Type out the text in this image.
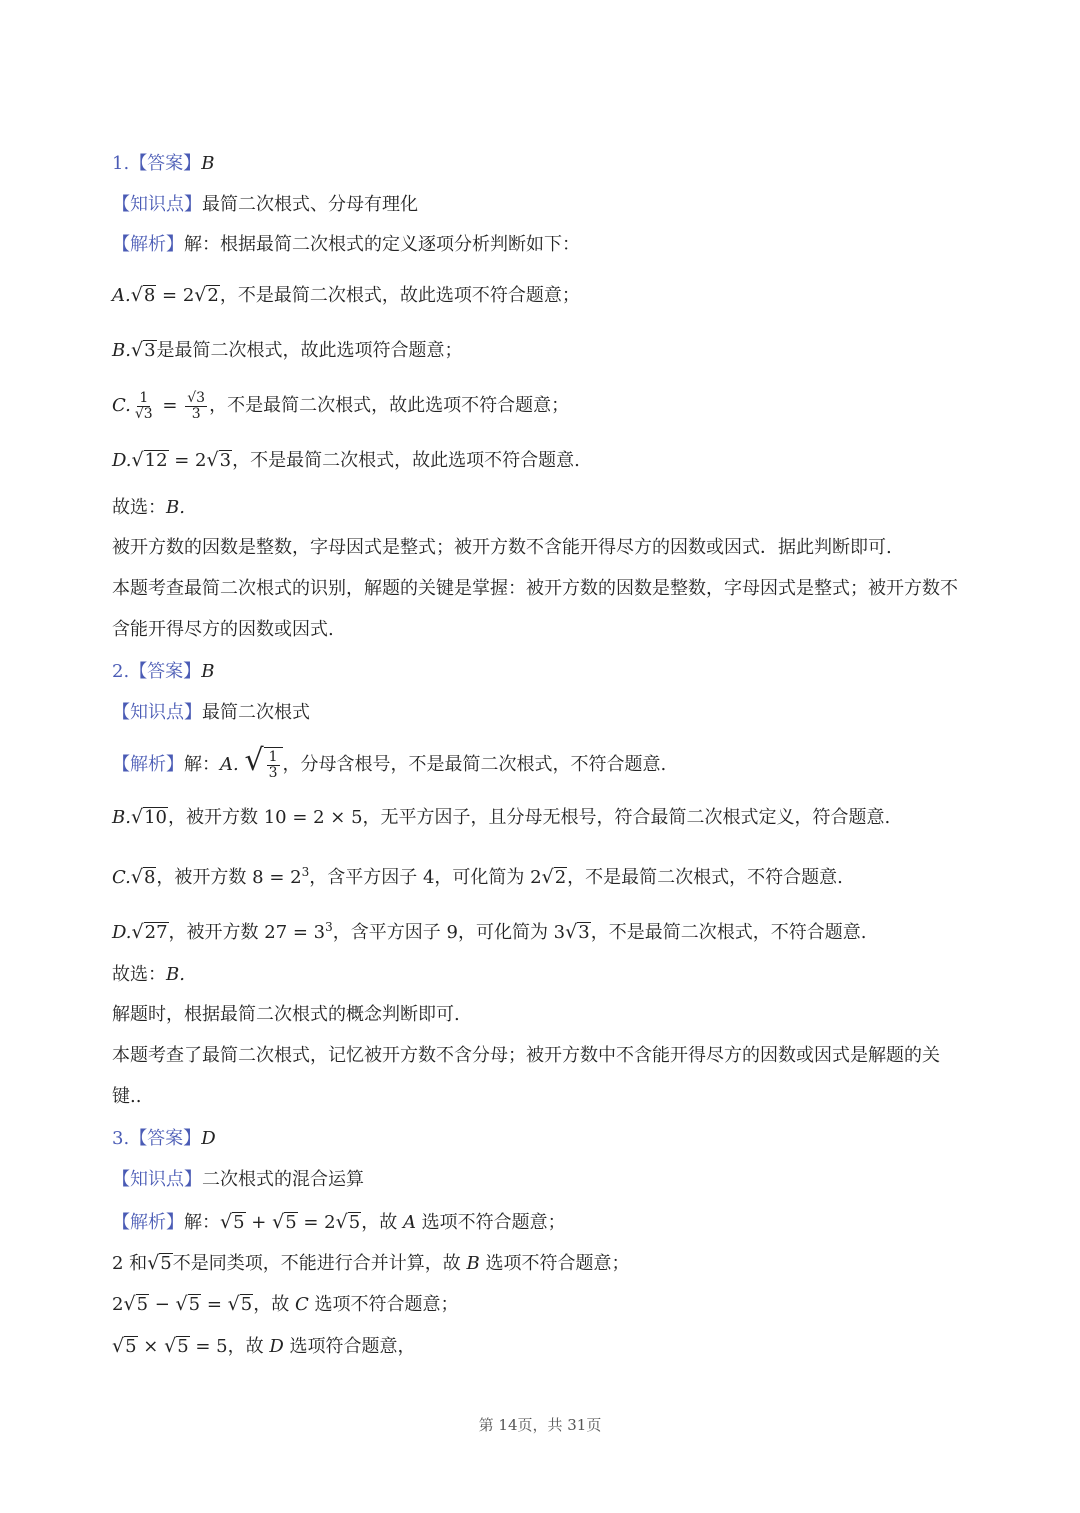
1.【答案】B
【知识点】最简二次根式、分母有理化
【解析】解：根据最简二次根式的定义逐项分析判断如下：
A.√8 = 2√2，不是最简二次根式，故此选项不符合题意；
B.√3是最简二次根式，故此选项符合题意；
C. $\frac{1}{√3} = \frac{√3}{3}$ ，不是最简二次根式，故此选项不符合题意；
D.√12 = 2√3，不是最简二次根式，故此选项不符合题意.
故选：B.
被开方数的因数是整数，字母因式是整式；被开方数不含能开得尽方的因数或因式．据此判断即可.
本题考查最简二次根式的识别，解题的关键是掌握：被开方数的因数是整数，字母因式是整式；被开方数不
含能开得尽方的因数或因式.
2.【答案】B
【知识点】最简二次根式
【解析】解：A. √ $\frac{1}{3}$ ，分母含根号，不是最简二次根式，不符合题意.
B.√10，被开方数 10 = 2 × 5，无平方因子，且分母无根号，符合最简二次根式定义，符合题意.
C.√8，被开方数 $8 = 2^3$，含平方因子 4，可化简为 2√2，不是最简二次根式，不符合题意.
D.√27，被开方数 $27 = 3^3$，含平方因子 9，可化简为 3√3，不是最简二次根式，不符合题意.
故选：B.
解题时，根据最简二次根式的概念判断即可.
本题考查了最简二次根式，记忆被开方数不含分母；被开方数中不含能开得尽方的因数或因式是解题的关
键..
3.【答案】D
【知识点】二次根式的混合运算
【解析】解：√5 + √5 = 2√5，故 A 选项不符合题意；
2 和√5不是同类项，不能进行合并计算，故 B 选项不符合题意；
2√5 − √5 = √5，故 C 选项不符合题意；
√5 × √5 = 5，故 D 选项符合题意，
第 14页，共 31页
